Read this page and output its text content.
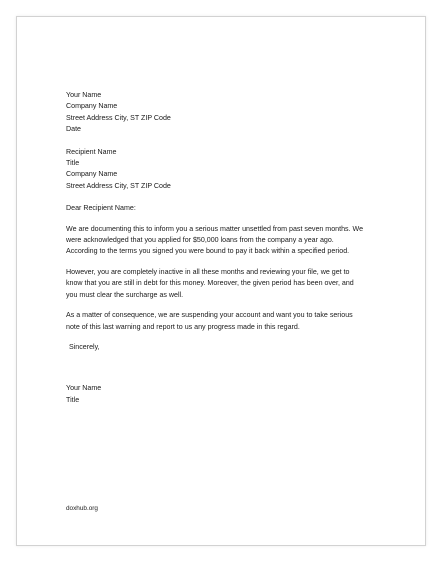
Your Name
Company Name
Street Address City, ST ZIP Code
Date
Recipient Name
Title
Company Name
Street Address City, ST ZIP Code
Dear Recipient Name:
We are documenting this to inform you a serious matter unsettled from past seven months. We
were acknowledged that you applied for $50,000 loans from the company a year ago.
According to the terms you signed you were bound to pay it back within a specified period.
However, you are completely inactive in all these months and reviewing your file, we get to
know that you are still in debt for this money. Moreover, the given period has been over, and
you must clear the surcharge as well.
As a matter of consequence, we are suspending your account and want you to take serious
note of this last warning and report to us any progress made in this regard.
Sincerely,
Your Name
Title
doxhub.org
